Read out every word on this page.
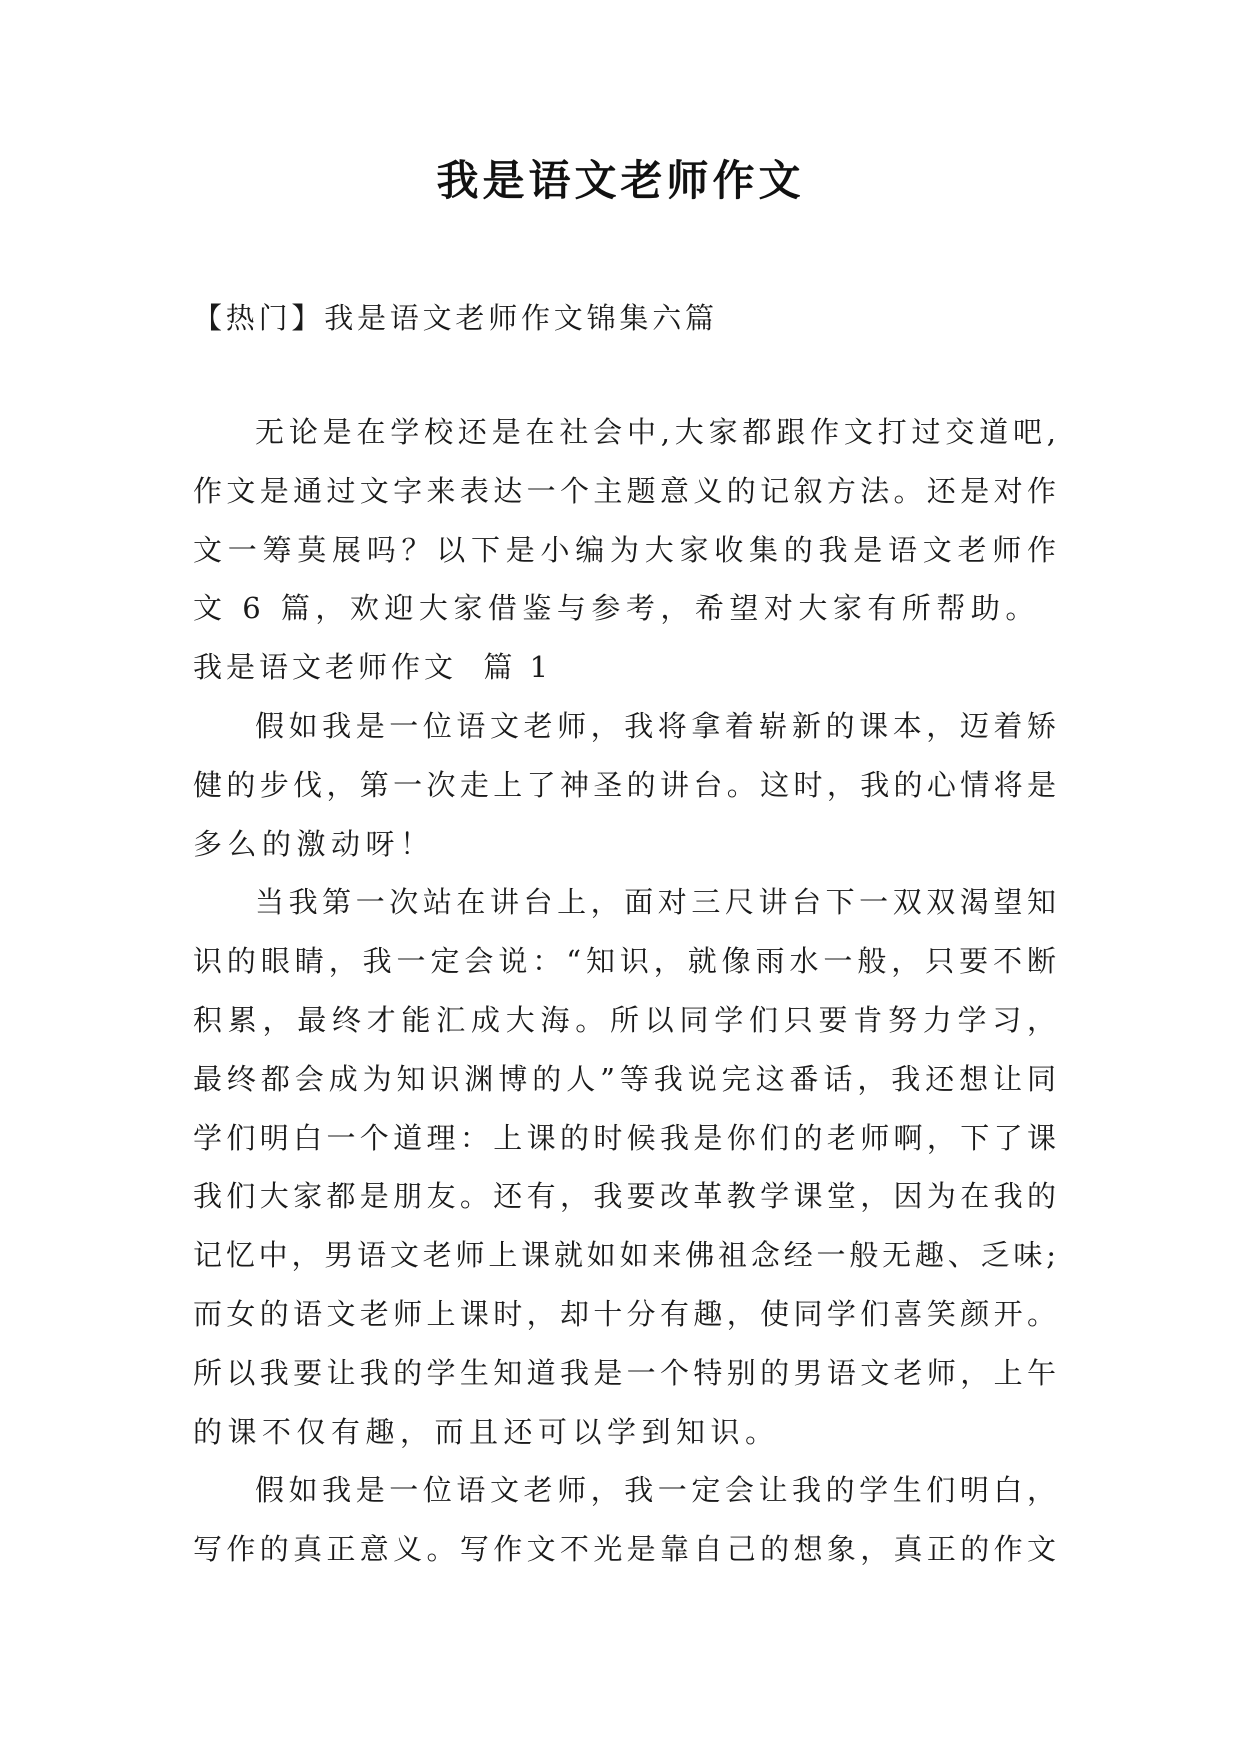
我是语文老师作文
【热门】我是语文老师作文锦集六篇
无论是在学校还是在社会中,大家都跟作文打过交道吧,
作文是通过文字来表达一个主题意义的记叙方法。还是对作
文一筹莫展吗？以下是小编为大家收集的我是语文老师作
文 6 篇，欢迎大家借鉴与参考，希望对大家有所帮助。
我是语文老师作文  篇 1
假如我是一位语文老师，我将拿着崭新的课本，迈着矫
健的步伐，第一次走上了神圣的讲台。这时，我的心情将是
多么的激动呀！
当我第一次站在讲台上，面对三尺讲台下一双双渴望知
识的眼睛，我一定会说：“知识，就像雨水一般，只要不断
积累，最终才能汇成大海。所以同学们只要肯努力学习，
最终都会成为知识渊博的人”等我说完这番话，我还想让同
学们明白一个道理：上课的时候我是你们的老师啊，下了课
我们大家都是朋友。还有，我要改革教学课堂，因为在我的
记忆中，男语文老师上课就如如来佛祖念经一般无趣、乏味;
而女的语文老师上课时，却十分有趣，使同学们喜笑颜开。
所以我要让我的学生知道我是一个特别的男语文老师，上午
的课不仅有趣，而且还可以学到知识。
假如我是一位语文老师，我一定会让我的学生们明白，
写作的真正意义。写作文不光是靠自己的想象，真正的作文
